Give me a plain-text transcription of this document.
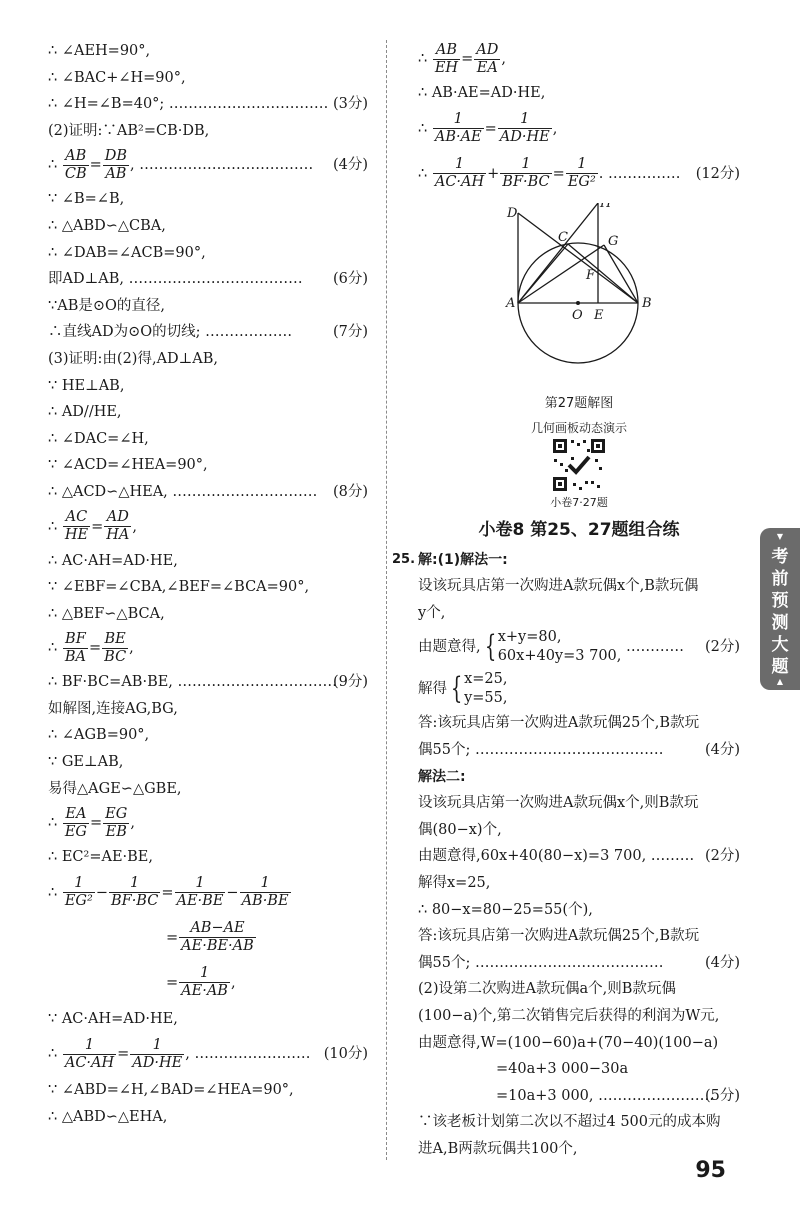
∴ ∠AEH=90°,
∴ ∠BAC+∠H=90°,
∴ ∠H=∠B=40°; …………………………… (3分)
(2)证明:∵AB²=CB·DB,
∴ $\frac{AB}{CB} = \frac{DB}{AB}$ , ……………………………… (4分)
∵ ∠B=∠B,
∴ △ABD∽△CBA,
∴ ∠DAB=∠ACB=90°,
即AD⊥AB, ……………………………… (6分)
∵AB是⊙O的直径,
∴直线AD为⊙O的切线; ………………	(7分)
(3)证明:由(2)得,AD⊥AB,
∵ HE⊥AB,
∴ AD//HE,
∴ ∠DAC=∠H,
∵ ∠ACD=∠HEA=90°,
∴ △ACD∽△HEA, ………………………… (8分)
∴ $\frac{AC}{HE} = \frac{AD}{HA}$ ,
∴ AC·AH=AD·HE,
∵ ∠EBF=∠CBA,∠BEF=∠BCA=90°,
∴ △BEF∽△BCA,
∴ $\frac{BF}{BA} = \frac{BE}{BC}$ ,
∴ BF·BC=AB·BE, ……………………………
(9分)
如解图,连接AG,BG,
∴ ∠AGB=90°,
∵ GE⊥AB,
易得△AGE∽△GBE,
∴ $\frac{EA}{EG} = \frac{EG}{EB}$ ,
∴ EC²=AE·BE,
∴ $\frac{1}{\text{EG²}} - \frac{1}{BF\cdot BC} = \frac{1}{AE\cdot BE} - \frac{1}{AB\cdot BE}$
= $\frac{AB-AE}{AE\cdot BE\cdot AB}$
= $\frac{1}{AE\cdot AB}$ ,
∵ AC·AH=AD·HE,
∴ $\frac{1}{AC\cdot AH} = \frac{1}{AD\cdot HE}$ , …………………… (10分)
∵ ∠ABD=∠H,∠BAD=∠HEA=90°,
∴ △ABD∽△EHA,
∴ $\frac{AB}{EH} = \frac{AD}{EA}$ ,
∴ AB·AE=AD·HE,
∴ $\frac{1}{AB\cdot AE} = \frac{1}{AD\cdot HE}$ ,
∴ $\frac{1}{AC\cdot AH} + \frac{1}{BF\cdot BC} = \frac{1}{\text{EG²}}$ . …………… (12分)
D
H
C	G
F
A
O E
B
第27题解图
几何画板动态演示
小卷7·27题
小卷8 第25、27题组合练
25. 解:(1)解法一:
设该玩具店第一次购进A款玩偶x个,B款玩偶
y个,
由题意得, { x+y=80,
60x+40y=3 700,
………… (2分)
解得 { x=25,
y=55,
答:该玩具店第一次购进A款玩偶25个,B款玩
偶55个; …………………………………	(4分)
解法二:
设该玩具店第一次购进A款玩偶x个,则B款玩
偶(80−x)个,
由题意得,60x+40(80−x)=3 700, ……… (2分)
解得x=25,
∴ 80−x=80−25=55(个),
答:该玩具店第一次购进A款玩偶25个,B款玩
偶55个; …………………………………	(4分)
(2)设第二次购进A款玩偶a个,则B款玩偶
(100−a)个,第二次销售完后获得的利润为W元,
由题意得,W=(100−60)a+(70−40)(100−a)
=40a+3 000−30a
=10a+3 000, ……………………
(5分)
∵该老板计划第二次以不超过4 500元的成本购
进A,B两款玩偶共100个,
▼
考前预测大题
▲
95
